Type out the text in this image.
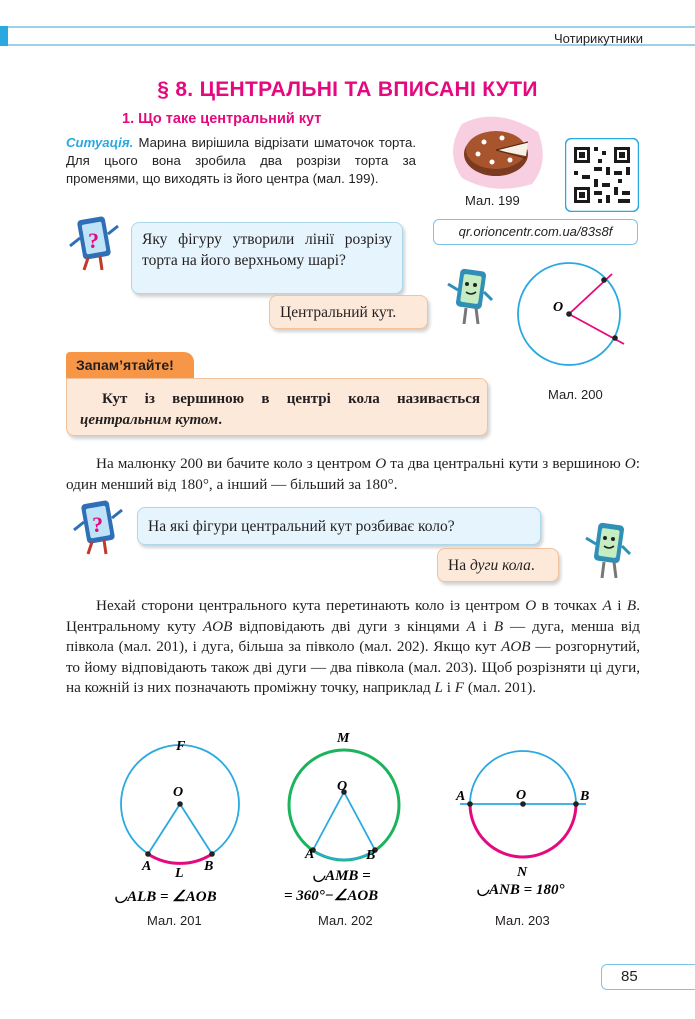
Чотирикутники
§ 8. ЦЕНТРАЛЬНІ ТА ВПИСАНІ КУТИ
1. Що таке центральний кут
Ситуація. Марина вирішила відрізати шматочок торта. Для цього вона зробила два розрізи торта за променями, що виходять із його центра (мал. 199).
Мал. 199
qr.orioncentr.com.ua/83s8f
?	Яку фігуру утворили лінії розрізу торта на його верхньому шарі?
Центральний кут.	O
Мал. 200
Запам’ятайте!
Кут із вершиною в центрі кола називається центральним кутом.
На малюнку 200 ви бачите коло з центром O та два центральні кути з вершиною O: один менший від 180°, а інший — більший за 180°.
?	На які фігури центральний кут розбиває коло?
На дуги кола.
Нехай сторони центрального кута перетинають коло із центром O в точках A і B. Центральному куту AOB відповідають дві дуги з кінцями A і B — дуга, менша від півкола (мал. 201), і дуга, більша за півколо (мал. 202). Якщо кут AOB — розгорнутий, то йому відповідають також дві дуги — два півкола (мал. 203). Щоб розрізняти ці дуги, на кожній із них позначають проміжну точку, наприклад L і F (мал. 201).
F
O
A	B
L
◡ALB = ∠AOB
Мал. 201
M
O
A	B
◡AMB =
= 360°−∠AOB
Мал. 202
A	O	B
N
◡ANB = 180°
Мал. 203
85
